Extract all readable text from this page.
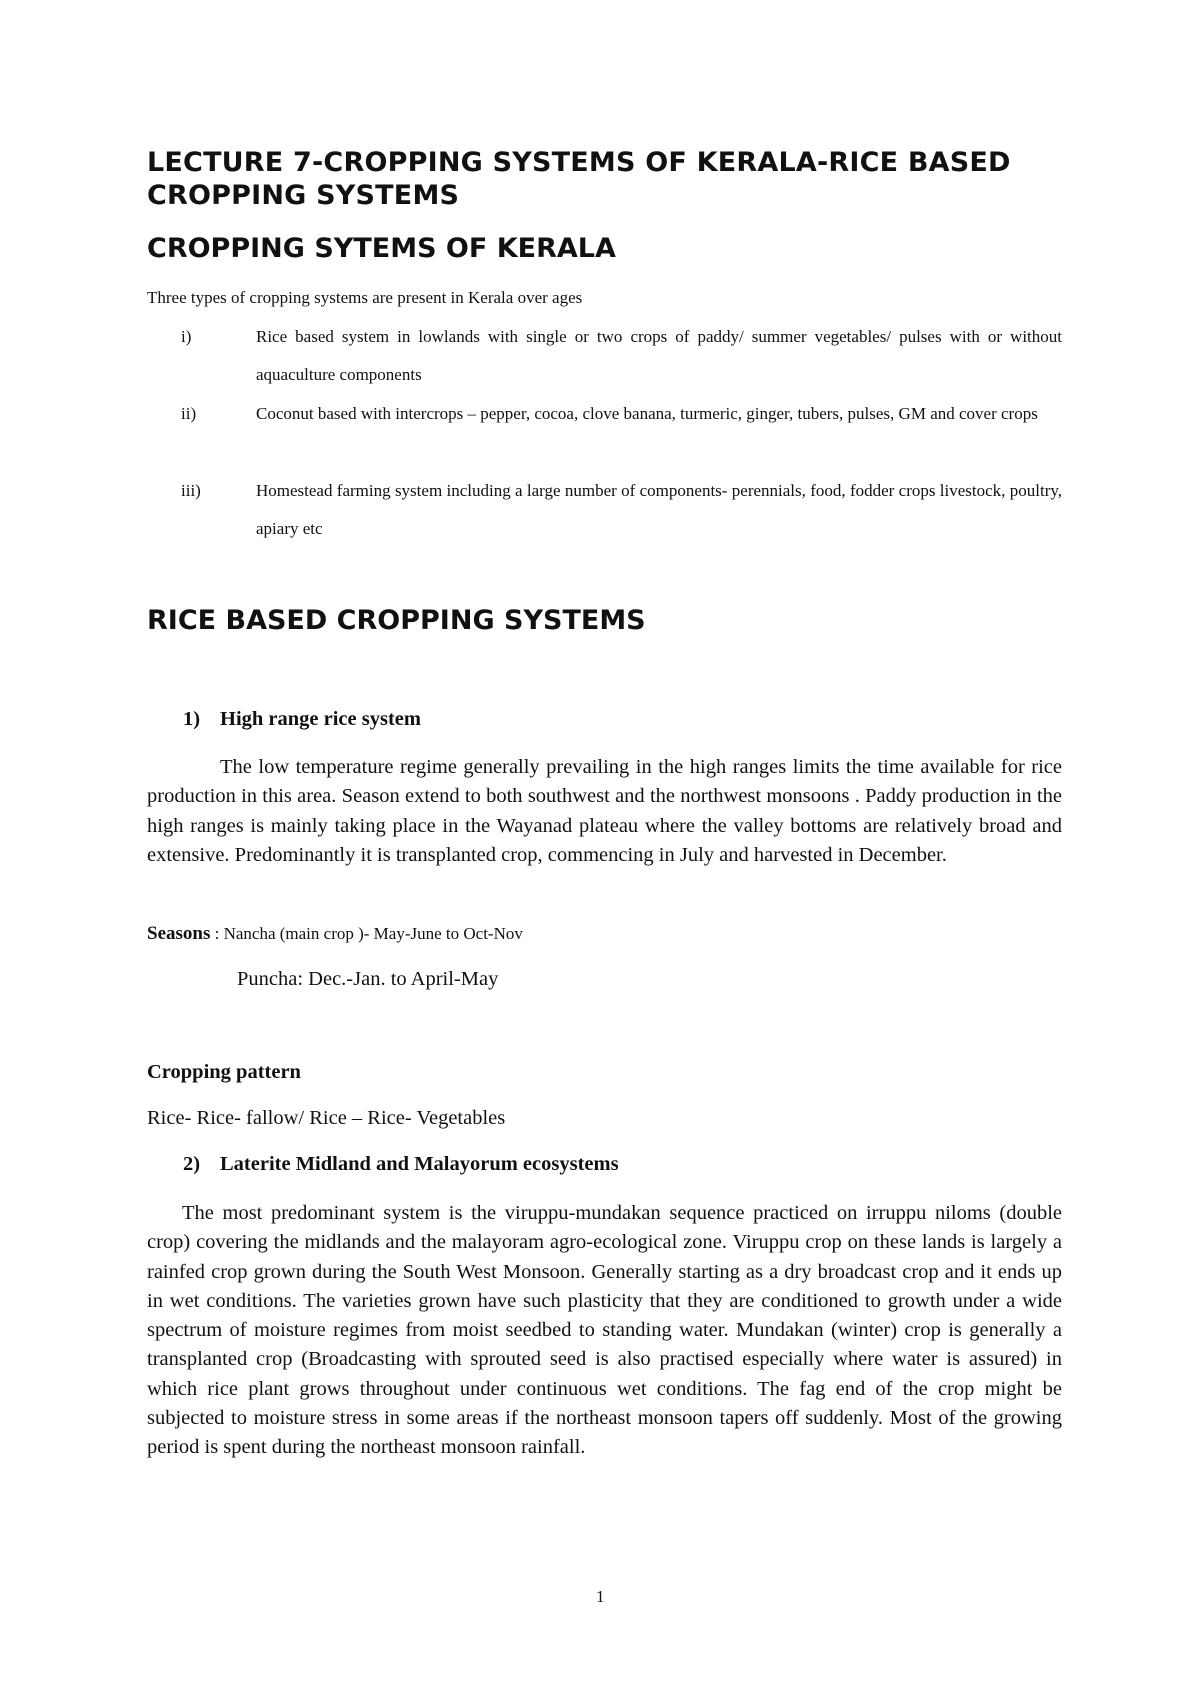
LECTURE 7-CROPPING SYSTEMS OF KERALA-RICE BASED CROPPING SYSTEMS
CROPPING SYTEMS OF KERALA
Three types of cropping systems are present in Kerala over ages
i)	Rice based system in lowlands with single or two crops of paddy/ summer vegetables/ pulses with or without aquaculture components
ii)	Coconut based with intercrops – pepper, cocoa, clove banana, turmeric, ginger, tubers, pulses, GM and cover crops
iii)	Homestead farming system including a large number of components- perennials, food, fodder crops livestock, poultry, apiary etc
RICE BASED CROPPING SYSTEMS
1) High range rice system
The low temperature regime generally prevailing in the high ranges limits the time available for rice production in this area. Season extend to both southwest and the northwest monsoons . Paddy production in the high ranges is mainly taking place in the Wayanad plateau where the valley bottoms are relatively broad and extensive. Predominantly it is transplanted crop, commencing in July and harvested in December.
Seasons : Nancha (main crop )- May-June to Oct-Nov
Puncha: Dec.-Jan. to April-May
Cropping pattern
Rice- Rice- fallow/ Rice – Rice- Vegetables
2) Laterite Midland and Malayorum ecosystems
The most predominant system is the viruppu-mundakan sequence practiced on irruppu niloms (double crop) covering the midlands and the malayoram agro-ecological zone. Viruppu crop on these lands is largely a rainfed crop grown during the South West Monsoon. Generally starting as a dry broadcast crop and it ends up in wet conditions. The varieties grown have such plasticity that they are conditioned to growth under a wide spectrum of moisture regimes from moist seedbed to standing water. Mundakan (winter) crop is generally a transplanted crop (Broadcasting with sprouted seed is also practised especially where water is assured) in which rice plant grows throughout under continuous wet conditions. The fag end of the crop might be subjected to moisture stress in some areas if the northeast monsoon tapers off suddenly. Most of the growing period is spent during the northeast monsoon rainfall.
1
